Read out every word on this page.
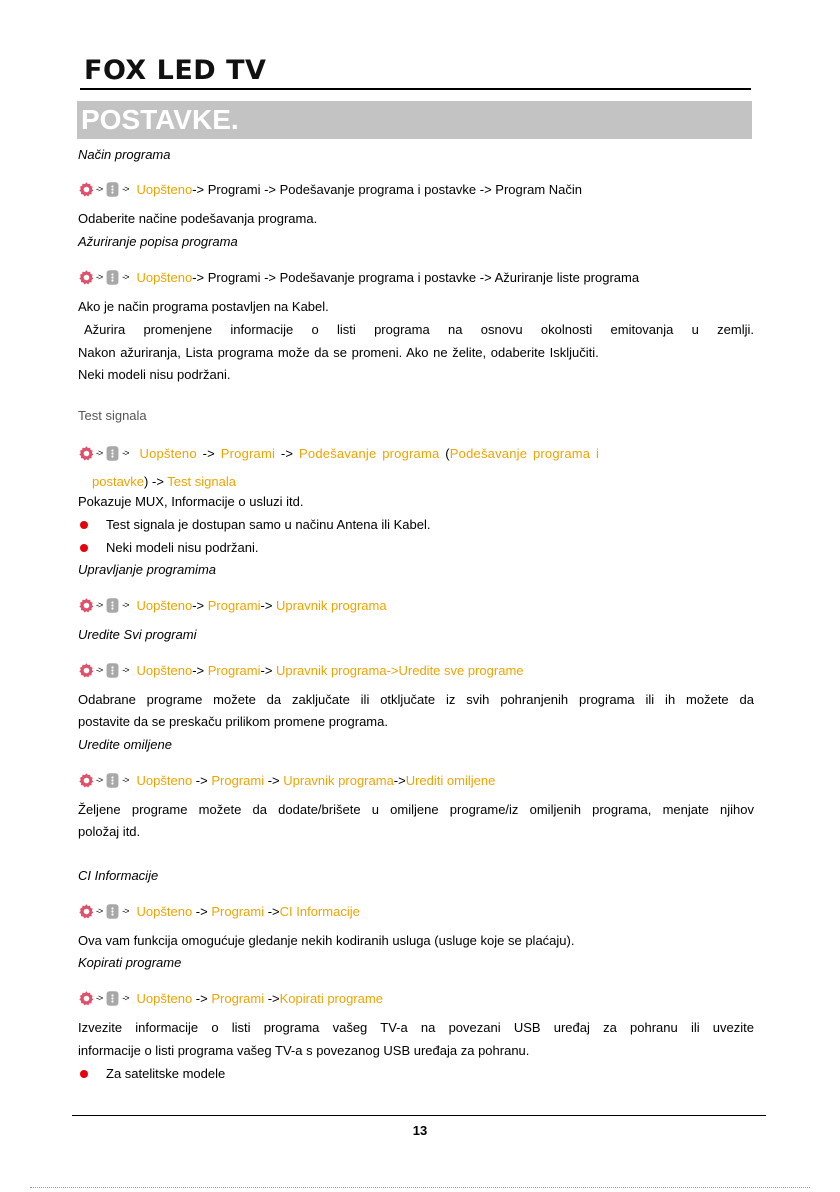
FOX LED TV
POSTAVKE.
Način programa
-> -> Uopšteno -> Programi -> Podešavanje programa i postavke -> Program Način
Odaberite načine podešavanja programa.
Ažuriranje popisa programa
-> -> Uopšteno -> Programi -> Podešavanje programa i postavke -> Ažuriranje liste programa
Ako je način programa postavljen na Kabel.
Ažurira promenjene informacije o listi programa na osnovu okolnosti emitovanja u zemlji.
Nakon ažuriranja, Lista programa može da se promeni. Ako ne želite, odaberite Isključiti.
Neki modeli nisu podržani.
Test signala
-> -> Uopšteno -> Programi -> Podešavanje programa (Podešavanje programa i
postavke) -> Test signala
Pokazuje MUX, Informacije o usluzi itd.
Test signala je dostupan samo u načinu Antena ili Kabel.
Neki modeli nisu podržani.
Upravljanje programima
-> -> Uopšteno -> Programi -> Upravnik programa
Uredite Svi programi
-> -> Uopšteno -> Programi -> Upravnik programa ->Uredite sve programe
Odabrane programe možete da zaključate ili otključate iz svih pohranjenih programa ili ih možete da
postavite da se preskaču prilikom promene programa.
Uredite omiljene
-> -> Uopšteno -> Programi -> Upravnik programa -> Urediti omiljene
Željene programe možete da dodate/brišete u omiljene programe/iz omiljenih programa, menjate njihov
položaj itd.
CI Informacije
-> -> Uopšteno -> Programi -> CI Informacije
Ova vam funkcija omogućuje gledanje nekih kodiranih usluga (usluge koje se plaćaju).
Kopirati programe
-> -> Uopšteno -> Programi -> Kopirati programe
Izvezite informacije o listi programa vašeg TV-a na povezani USB uređaj za pohranu ili uvezite
informacije o listi programa vašeg TV-a s povezanog USB uređaja za pohranu.
Za satelitske modele
13
